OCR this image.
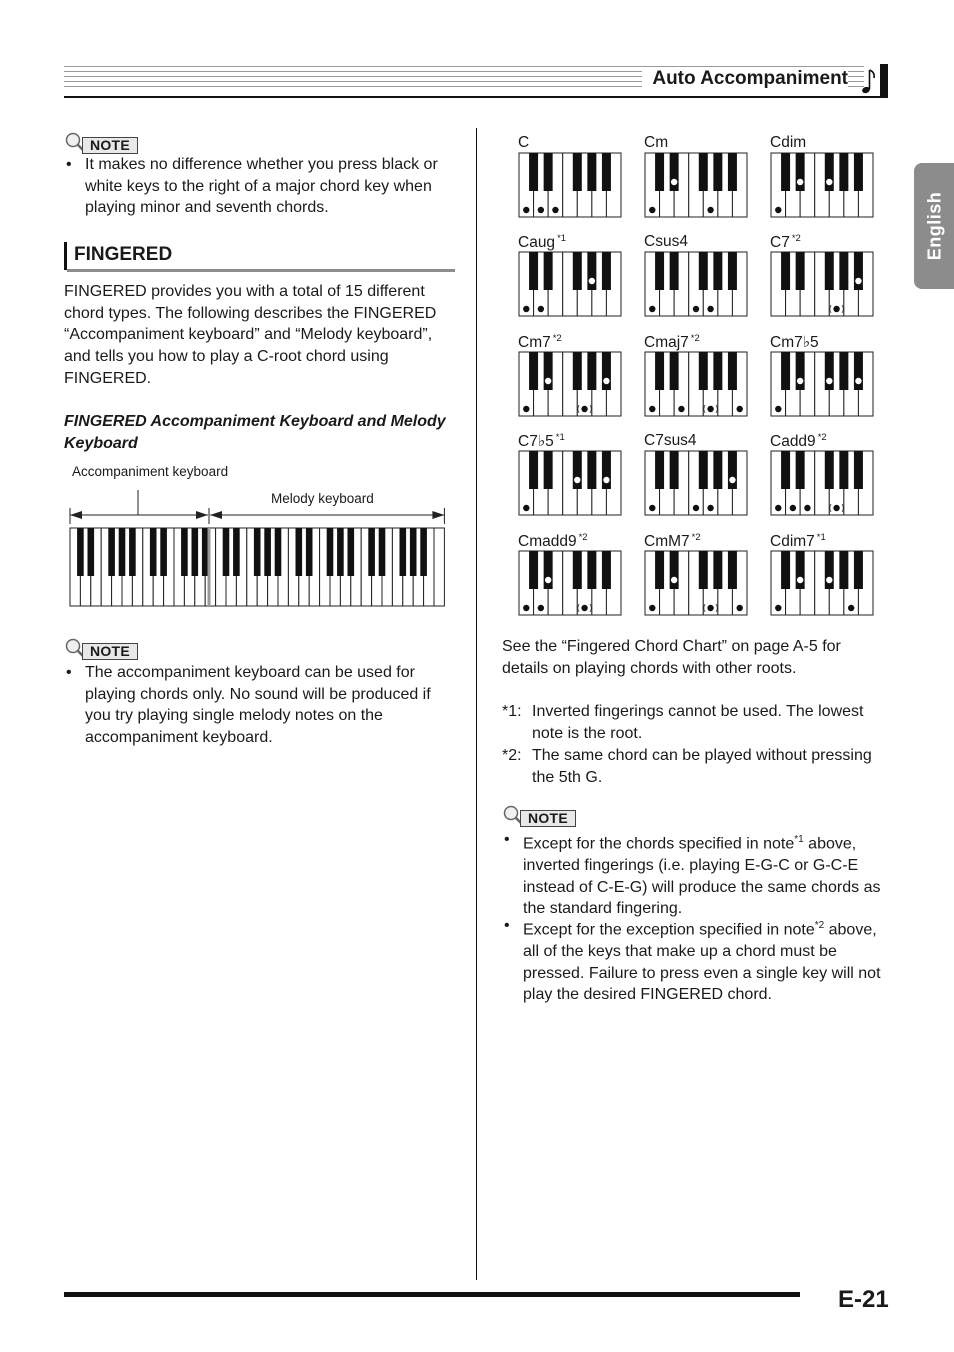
Auto Accompaniment
English
NOTE
• It makes no difference whether you press black or white keys to the right of a major chord key when playing minor and seventh chords.
FINGERED
FINGERED provides you with a total of 15 different chord types. The following describes the FINGERED “Accompaniment keyboard” and “Melody keyboard”, and tells you how to play a C-root chord using FINGERED.
FINGERED Accompaniment Keyboard and Melody Keyboard
Accompaniment keyboard
Melody keyboard
NOTE
• The accompaniment keyboard can be used for playing chords only. No sound will be produced if you try playing single melody notes on the accompaniment keyboard.
C	Cm	Cdim
Caug $^{*1}$	Csus4	C7 $^{*2}$
Cm7 $^{*2}$	Cmaj7 $^{*2}$	Cm7♭5
C7♭5 $^{*1}$	C7sus4	Cadd9 $^{*2}$
Cmadd9 $^{*2}$	CmM7 $^{*2}$	Cdim7 $^{*1}$
See the “Fingered Chord Chart” on page A-5 for details on playing chords with other roots.
*1: Inverted fingerings cannot be used. The lowest note is the root.
*2: The same chord can be played without pressing the 5th G.
NOTE
• Except for the chords specified in note$^{*1}$ above, inverted fingerings (i.e. playing E-G-C or G-C-E instead of C-E-G) will produce the same chords as the standard fingering.
• Except for the exception specified in note$^{*2}$ above, all of the keys that make up a chord must be pressed. Failure to press even a single key will not play the desired FINGERED chord.
E-21
